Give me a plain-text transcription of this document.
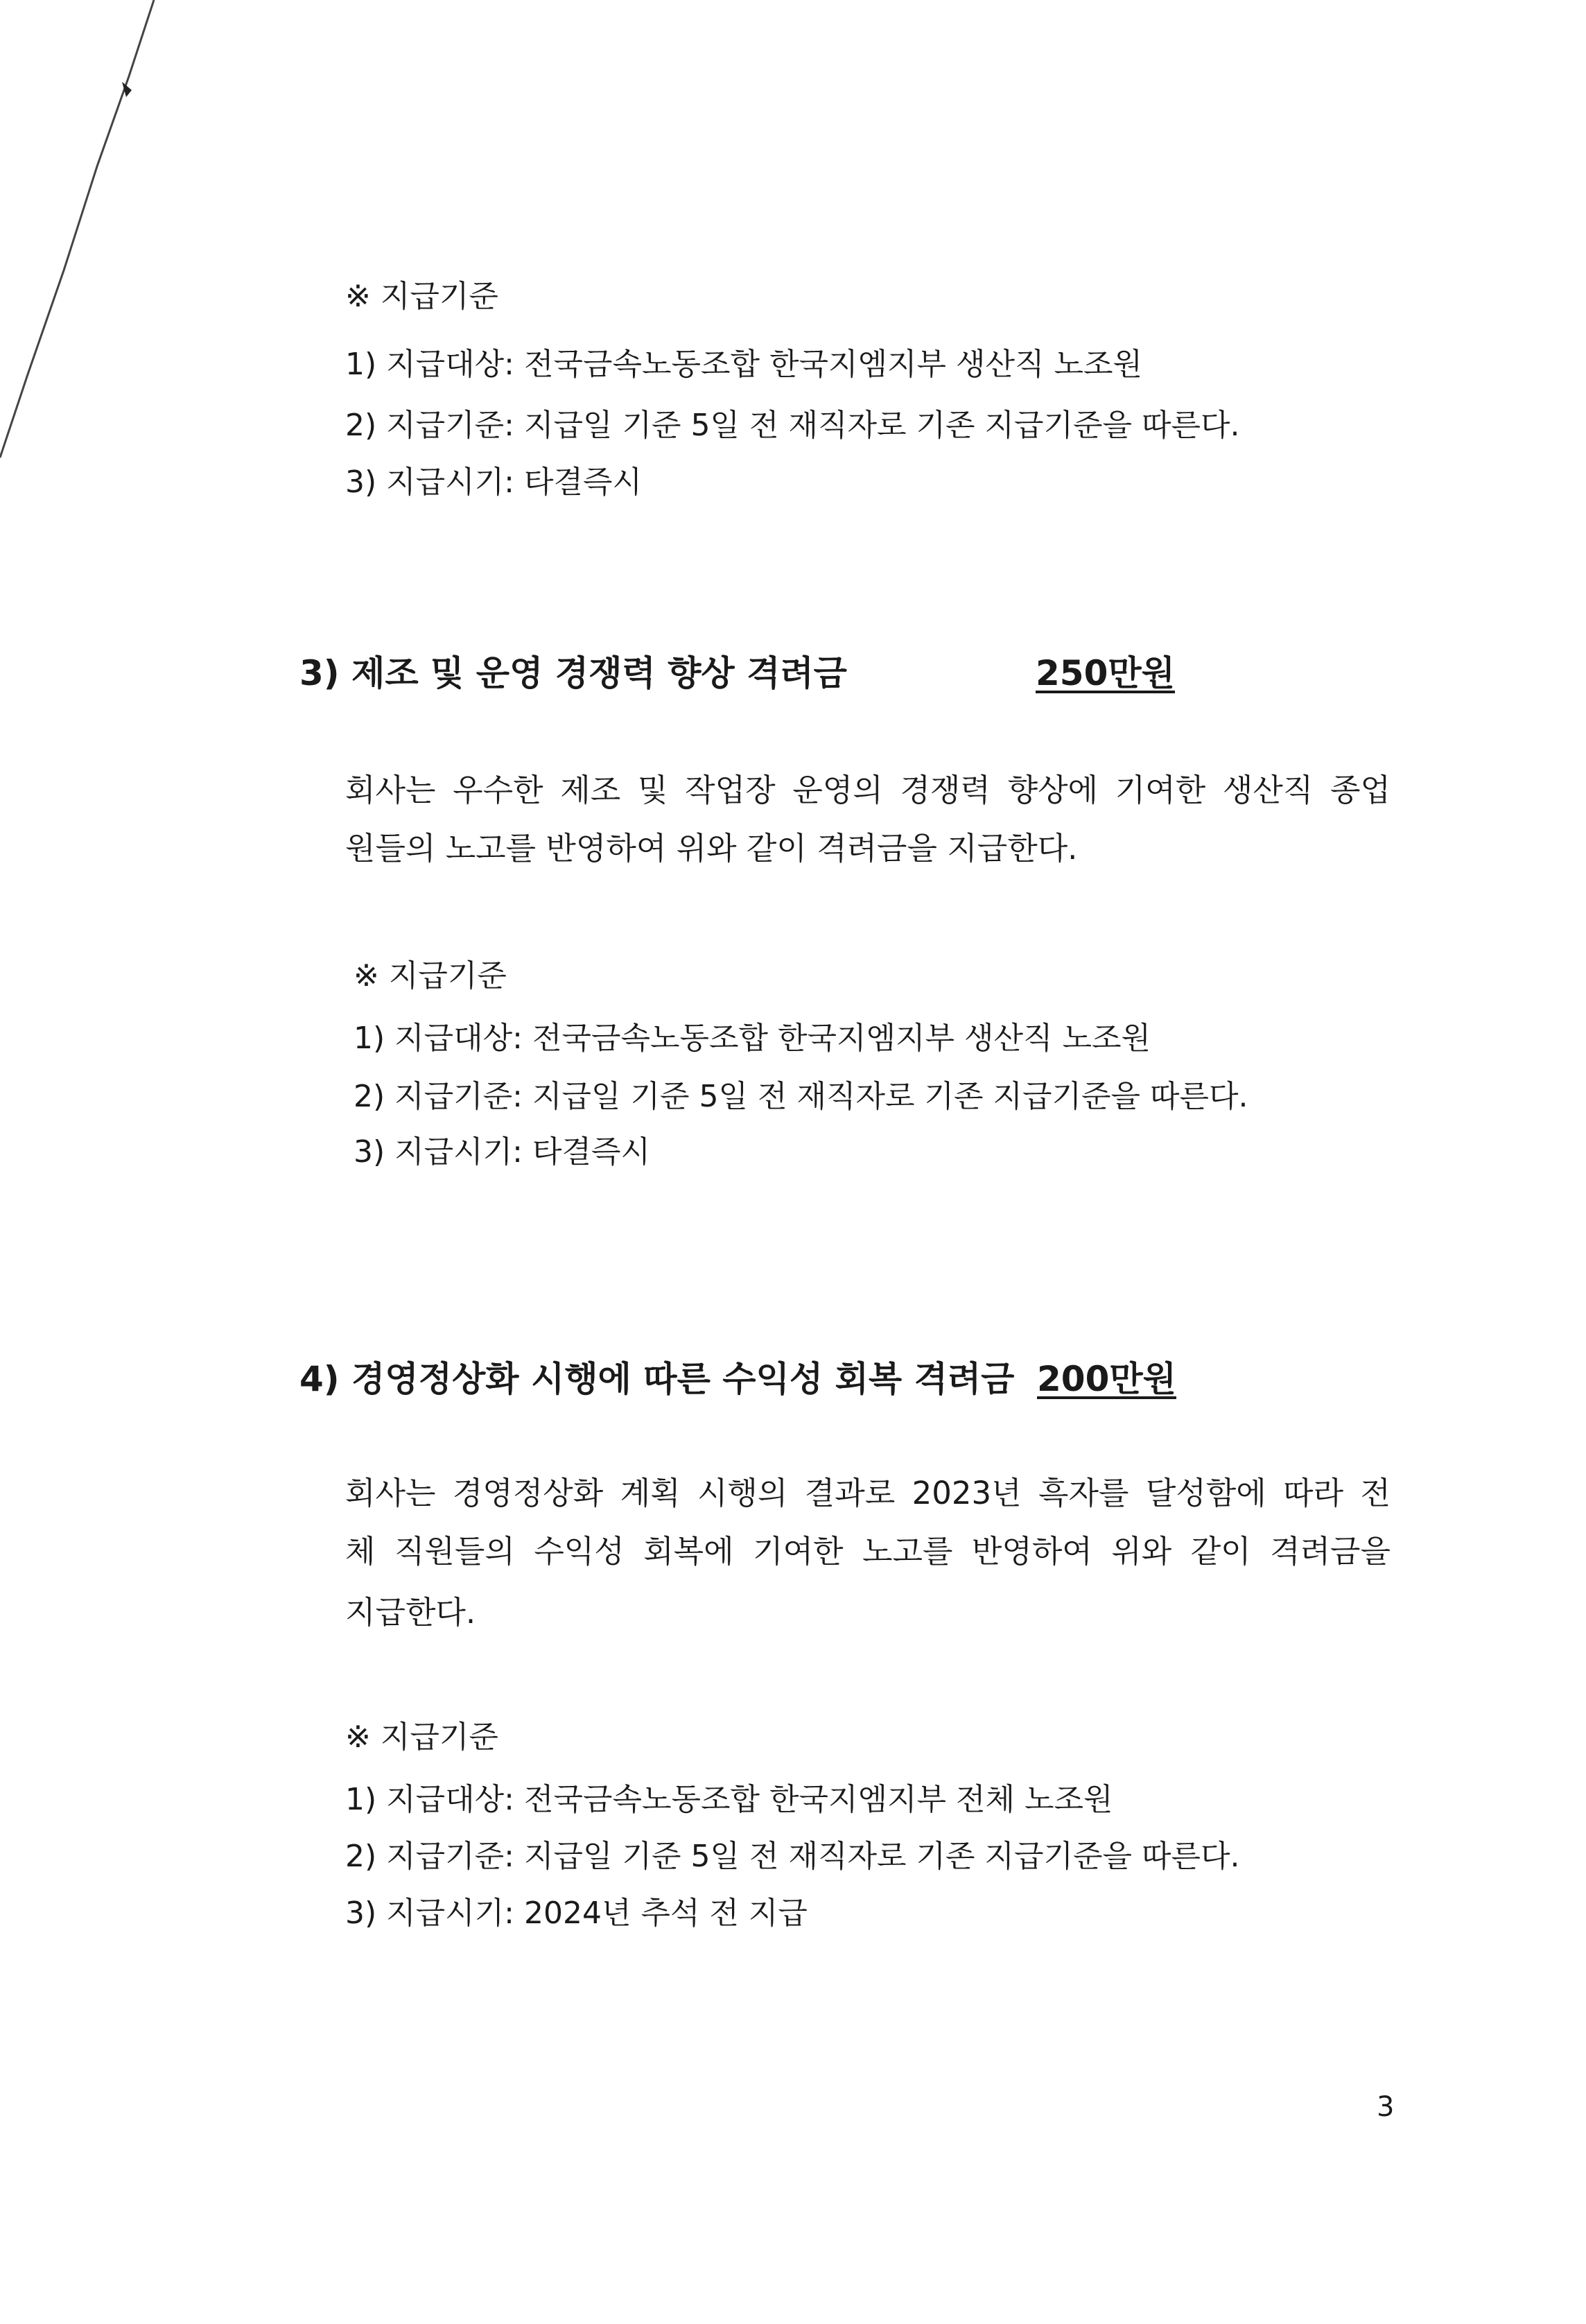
※ 지급기준
1) 지급대상: 전국금속노동조합 한국지엠지부 생산직 노조원
2) 지급기준: 지급일 기준 5일 전 재직자로 기존 지급기준을 따른다.
3) 지급시기: 타결즉시
3) 제조 및 운영 경쟁력 향상 격려금	250만원
회사는 우수한 제조 및 작업장 운영의 경쟁력 향상에 기여한 생산직 종업
원들의 노고를 반영하여 위와 같이 격려금을 지급한다.
※ 지급기준
1) 지급대상: 전국금속노동조합 한국지엠지부 생산직 노조원
2) 지급기준: 지급일 기준 5일 전 재직자로 기존 지급기준을 따른다.
3) 지급시기: 타결즉시
4) 경영정상화 시행에 따른 수익성 회복 격려금 200만원
회사는 경영정상화 계획 시행의 결과로 2023년 흑자를 달성함에 따라 전
체 직원들의 수익성 회복에 기여한 노고를 반영하여 위와 같이 격려금을
지급한다.
※ 지급기준
1) 지급대상: 전국금속노동조합 한국지엠지부 전체 노조원
2) 지급기준: 지급일 기준 5일 전 재직자로 기존 지급기준을 따른다.
3) 지급시기: 2024년 추석 전 지급
3
